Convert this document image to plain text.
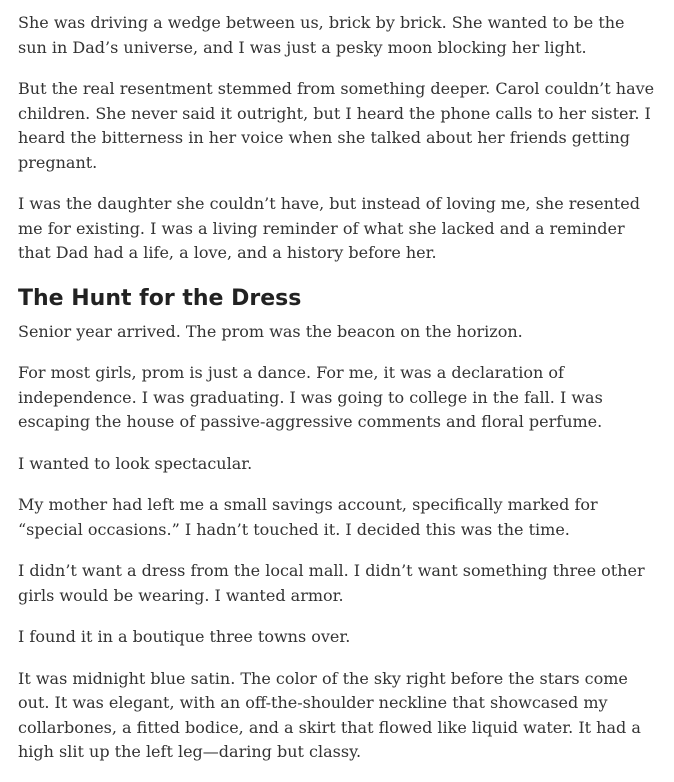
She was driving a wedge between us, brick by brick. She wanted to be the sun in Dad’s universe, and I was just a pesky moon blocking her light.

But the real resentment stemmed from something deeper. Carol couldn’t have children. She never said it outright, but I heard the phone calls to her sister. I heard the bitterness in her voice when she talked about her friends getting pregnant.

I was the daughter she couldn’t have, but instead of loving me, she resented me for existing. I was a living reminder of what she lacked and a reminder that Dad had a life, a love, and a history before her.

The Hunt for the Dress

Senior year arrived. The prom was the beacon on the horizon.

For most girls, prom is just a dance. For me, it was a declaration of independence. I was graduating. I was going to college in the fall. I was escaping the house of passive-aggressive comments and floral perfume.

I wanted to look spectacular.

My mother had left me a small savings account, specifically marked for “special occasions.” I hadn’t touched it. I decided this was the time.

I didn’t want a dress from the local mall. I didn’t want something three other girls would be wearing. I wanted armor.

I found it in a boutique three towns over.

It was midnight blue satin. The color of the sky right before the stars come out. It was elegant, with an off-the-shoulder neckline that showcased my collarbones, a fitted bodice, and a skirt that flowed like liquid water. It had a high slit up the left leg—daring but classy.
